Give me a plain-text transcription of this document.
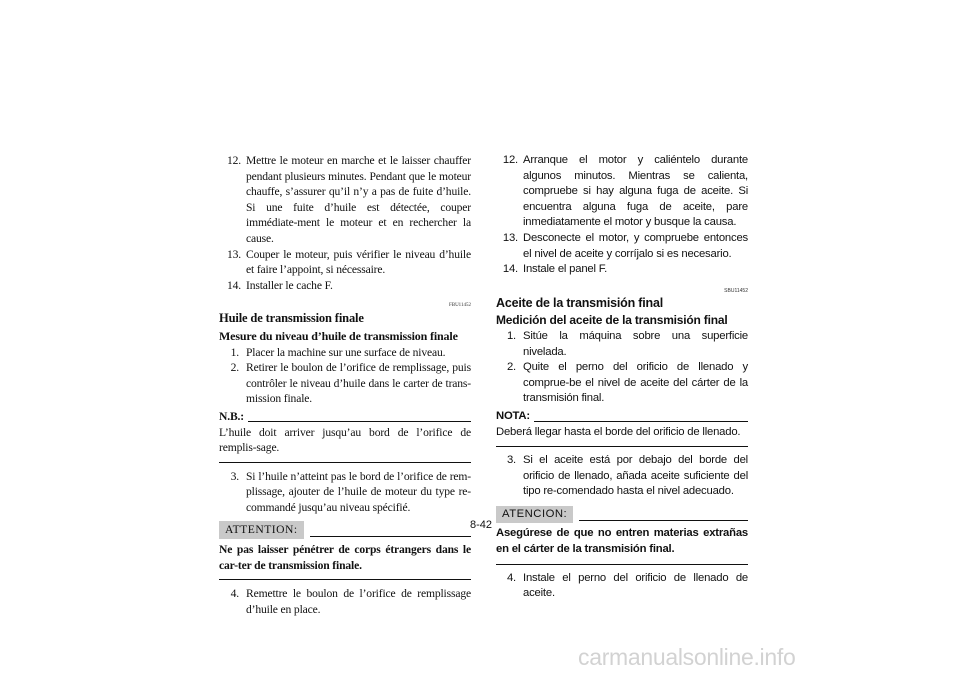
12. Mettre le moteur en marche et le laisser chauffer pendant plusieurs minutes. Pendant que le moteur chauffe, s’assurer qu’il n’y a pas de fuite d’huile. Si une fuite d’huile est détectée, couper immédiate-ment le moteur et en rechercher la cause.
13. Couper le moteur, puis vérifier le niveau d’huile et faire l’appoint, si nécessaire.
14. Installer le cache F.
FBU11452
Huile de transmission finale
Mesure du niveau d’huile de transmission finale
1. Placer la machine sur une surface de niveau.
2. Retirer le boulon de l’orifice de remplissage, puis contrôler le niveau d’huile dans le carter de trans-mission finale.
N.B.:
L’huile doit arriver jusqu’au bord de l’orifice de remplis-sage.
3. Si l’huile n’atteint pas le bord de l’orifice de rem-plissage, ajouter de l’huile de moteur du type re-commandé jusqu’au niveau spécifié.
ATTENTION:
Ne pas laisser pénétrer de corps étrangers dans le car-ter de transmission finale.
4. Remettre le boulon de l’orifice de remplissage d’huile en place.
12. Arranque el motor y caliéntelo durante algunos minutos. Mientras se calienta, compruebe si hay alguna fuga de aceite. Si encuentra alguna fuga de aceite, pare inmediatamente el motor y busque la causa.
13. Desconecte el motor, y compruebe entonces el nivel de aceite y corríjalo si es necesario.
14. Instale el panel F.
SBU11452
Aceite de la transmisión final
Medición del aceite de la transmisión final
1. Sitúe la máquina sobre una superficie nivelada.
2. Quite el perno del orificio de llenado y comprue-be el nivel de aceite del cárter de la transmisión final.
NOTA:
Deberá llegar hasta el borde del orificio de llenado.
3. Si el aceite está por debajo del borde del orificio de llenado, añada aceite suficiente del tipo re-comendado hasta el nivel adecuado.
ATENCION:
Asegúrese de que no entren materias extrañas en el cárter de la transmisión final.
4. Instale el perno del orificio de llenado de aceite.
8-42
carmanualsonline.info
